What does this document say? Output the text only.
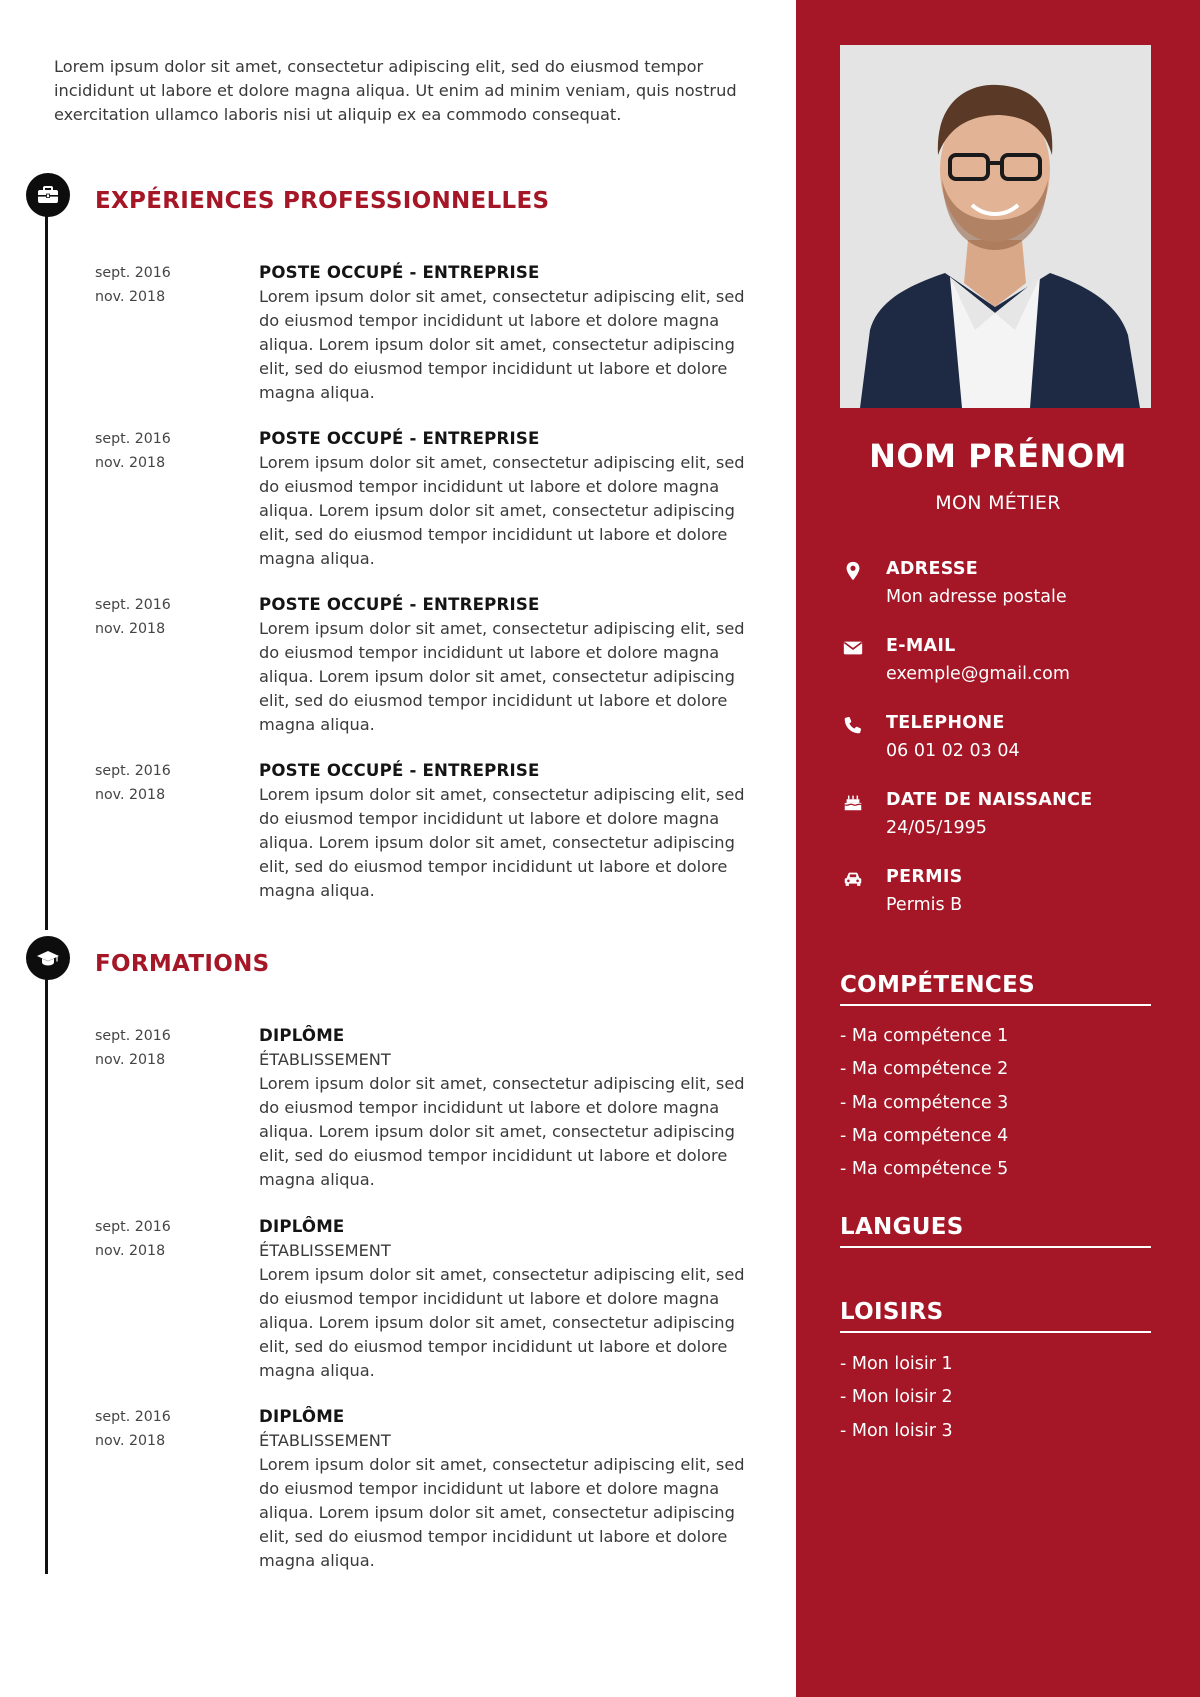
Lorem ipsum dolor sit amet, consectetur adipiscing elit, sed do eiusmod tempor incididunt ut labore et dolore magna aliqua. Ut enim ad minim veniam, quis nostrud exercitation ullamco laboris nisi ut aliquip ex ea commodo consequat.

EXPÉRIENCES PROFESSIONNELLES
sept. 2016
nov. 2018
POSTE OCCUPÉ - ENTREPRISE
Lorem ipsum dolor sit amet, consectetur adipiscing elit, sed do eiusmod tempor incididunt ut labore et dolore magna aliqua. Lorem ipsum dolor sit amet, consectetur adipiscing elit, sed do eiusmod tempor incididunt ut labore et dolore magna aliqua.
sept. 2016
nov. 2018
POSTE OCCUPÉ - ENTREPRISE
Lorem ipsum dolor sit amet, consectetur adipiscing elit, sed do eiusmod tempor incididunt ut labore et dolore magna aliqua. Lorem ipsum dolor sit amet, consectetur adipiscing elit, sed do eiusmod tempor incididunt ut labore et dolore magna aliqua.
sept. 2016
nov. 2018
POSTE OCCUPÉ - ENTREPRISE
Lorem ipsum dolor sit amet, consectetur adipiscing elit, sed do eiusmod tempor incididunt ut labore et dolore magna aliqua. Lorem ipsum dolor sit amet, consectetur adipiscing elit, sed do eiusmod tempor incididunt ut labore et dolore magna aliqua.
sept. 2016
nov. 2018
POSTE OCCUPÉ - ENTREPRISE
Lorem ipsum dolor sit amet, consectetur adipiscing elit, sed do eiusmod tempor incididunt ut labore et dolore magna aliqua. Lorem ipsum dolor sit amet, consectetur adipiscing elit, sed do eiusmod tempor incididunt ut labore et dolore magna aliqua.
FORMATIONS
sept. 2016
nov. 2018
DIPLÔME
ÉTABLISSEMENT
Lorem ipsum dolor sit amet, consectetur adipiscing elit, sed do eiusmod tempor incididunt ut labore et dolore magna aliqua. Lorem ipsum dolor sit amet, consectetur adipiscing elit, sed do eiusmod tempor incididunt ut labore et dolore magna aliqua.
sept. 2016
nov. 2018
DIPLÔME
ÉTABLISSEMENT
Lorem ipsum dolor sit amet, consectetur adipiscing elit, sed do eiusmod tempor incididunt ut labore et dolore magna aliqua. Lorem ipsum dolor sit amet, consectetur adipiscing elit, sed do eiusmod tempor incididunt ut labore et dolore magna aliqua.
sept. 2016
nov. 2018
DIPLÔME
ÉTABLISSEMENT
Lorem ipsum dolor sit amet, consectetur adipiscing elit, sed do eiusmod tempor incididunt ut labore et dolore magna aliqua. Lorem ipsum dolor sit amet, consectetur adipiscing elit, sed do eiusmod tempor incididunt ut labore et dolore magna aliqua.
NOM PRÉNOM
MON MÉTIER
ADRESSE
Mon adresse postale
E-MAIL
exemple@gmail.com
TELEPHONE
06 01 02 03 04
DATE DE NAISSANCE
24/05/1995
PERMIS
Permis B
COMPÉTENCES
- Ma compétence 1
- Ma compétence 2
- Ma compétence 3
- Ma compétence 4
- Ma compétence 5
LANGUES
LOISIRS
- Mon loisir 1
- Mon loisir 2
- Mon loisir 3
